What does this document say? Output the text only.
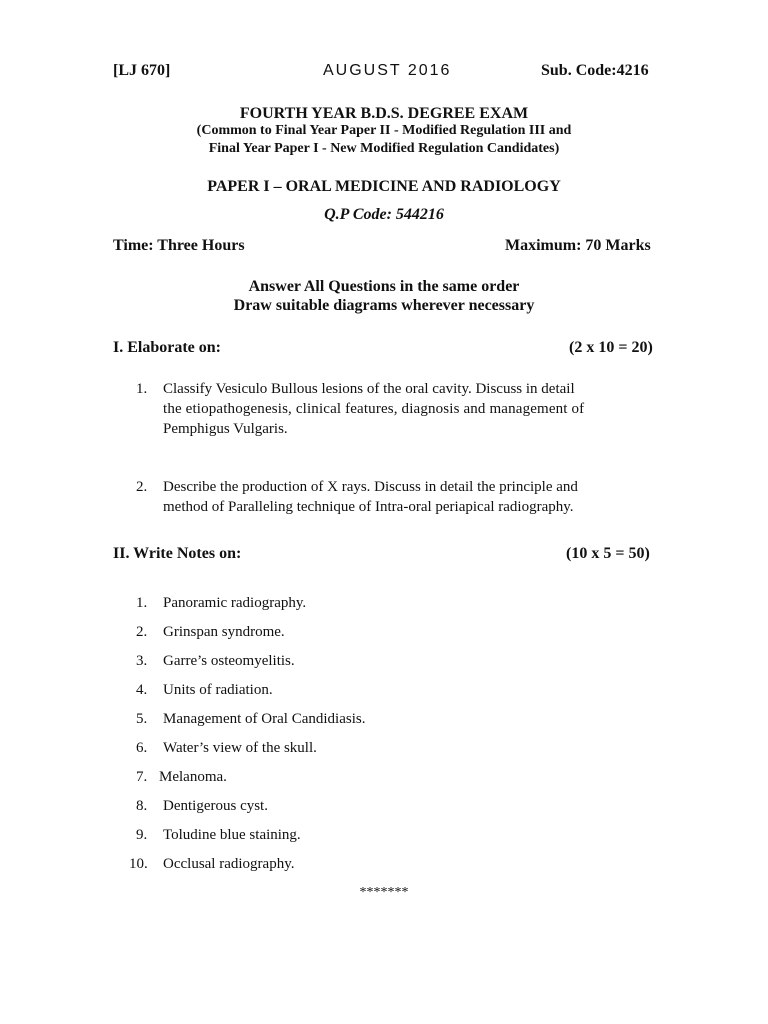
[LJ 670]	AUGUST 2016	Sub. Code:4216
FOURTH YEAR B.D.S. DEGREE EXAM
(Common to Final Year Paper II - Modified Regulation III and
Final Year Paper I - New Modified Regulation Candidates)
PAPER I – ORAL MEDICINE AND RADIOLOGY
Q.P Code: 544216
Time: Three Hours	Maximum: 70 Marks
Answer All Questions in the same order
Draw suitable diagrams wherever necessary
I. Elaborate on:	(2 x 10 = 20)
1. Classify Vesiculo Bullous lesions of the oral cavity. Discuss in detail
the etiopathogenesis, clinical features, diagnosis and management of
Pemphigus Vulgaris.
2. Describe the production of X rays. Discuss in detail the principle and
method of Paralleling technique of Intra-oral periapical radiography.
II. Write Notes on:	(10 x 5 = 50)
1. Panoramic radiography.
2. Grinspan syndrome.
3. Garre’s osteomyelitis.
4. Units of radiation.
5. Management of Oral Candidiasis.
6. Water’s view of the skull.
7. Melanoma.
8. Dentigerous cyst.
9. Toludine blue staining.
10. Occlusal radiography.
*******
